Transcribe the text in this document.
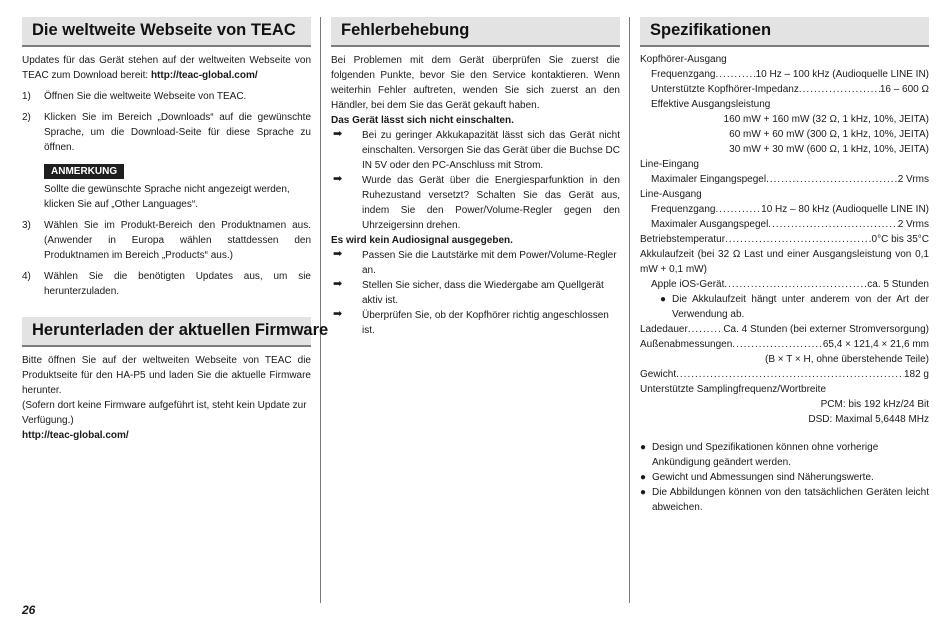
Die weltweite Webseite von TEAC

Updates für das Gerät stehen auf der weltweiten Webseite von TEAC zum Download bereit: http://teac-global.com/

1) Öffnen Sie die weltweite Webseite von TEAC.

2) Klicken Sie im Bereich „Downloads“ auf die gewünschte Sprache, um die Download-Seite für diese Sprache zu öffnen.

ANMERKUNG

Sollte die gewünschte Sprache nicht angezeigt werden, klicken Sie auf „Other Languages“.

3) Wählen Sie im Produkt-Bereich den Produktnamen aus. (Anwender in Europa wählen stattdessen den Produktnamen im Bereich „Products“ aus.)

4) Wählen Sie die benötigten Updates aus, um sie herunterzuladen.

Herunterladen der aktuellen Firmware

Bitte öffnen Sie auf der weltweiten Webseite von TEAC die Produktseite für den HA-P5 und laden Sie die aktuelle Firmware herunter.

(Sofern dort keine Firmware aufgeführt ist, steht kein Update zur Verfügung.)

http://teac-global.com/

Fehlerbehebung

Bei Problemen mit dem Gerät überprüfen Sie zuerst die folgenden Punkte, bevor Sie den Service kontaktieren. Wenn weiterhin Fehler auftreten, wenden Sie sich zuerst an den Händler, bei dem Sie das Gerät gekauft haben.

Das Gerät lässt sich nicht einschalten.

➡ Bei zu geringer Akkukapazität lässt sich das Gerät nicht einschalten. Versorgen Sie das Gerät über die Buchse DC IN 5V oder den PC-Anschluss mit Strom.

➡ Wurde das Gerät über die Energiesparfunktion in den Ruhezustand versetzt? Schalten Sie das Gerät aus, indem Sie den Power/Volume-Regler gegen den Uhrzeigersinn drehen.

Es wird kein Audiosignal ausgegeben.

➡ Passen Sie die Lautstärke mit dem Power/Volume-Regler an.

➡ Stellen Sie sicher, dass die Wiedergabe am Quellgerät aktiv ist.

➡ Überprüfen Sie, ob der Kopfhörer richtig angeschlossen ist.

Spezifikationen

Kopfhörer-Ausgang

Frequenzgang .....	10 Hz – 100 kHz (Audioquelle LINE IN)

Unterstützte Kopfhörer-Impedanz .....	16 – 600 Ω

Effektive Ausgangsleistung

160 mW + 160 mW (32 Ω, 1 kHz, 10%, JEITA)

60 mW + 60 mW (300 Ω, 1 kHz, 10%, JEITA)

30 mW + 30 mW (600 Ω, 1 kHz, 10%, JEITA)

Line-Eingang

Maximaler Eingangspegel .....	2 Vrms

Line-Ausgang

Frequenzgang .....	10 Hz – 80 kHz (Audioquelle LINE IN)

Maximaler Ausgangspegel .....	2 Vrms

Betriebstemperatur .....	0°C bis 35°C

Akkulaufzeit (bei 32 Ω Last und einer Ausgangsleistung von 0,1 mW + 0,1 mW)

Apple iOS-Gerät .....	ca. 5 Stunden

● Die Akkulaufzeit hängt unter anderem von der Art der Verwendung ab.

Ladedauer .....	Ca. 4 Stunden (bei externer Stromversorgung)

Außenabmessungen .....	65,4 × 121,4 × 21,6 mm

(B × T × H, ohne überstehende Teile)

Gewicht .....	182 g

Unterstützte Samplingfrequenz/Wortbreite

PCM: bis 192 kHz/24 Bit

DSD: Maximal 5,6448 MHz

● Design und Spezifikationen können ohne vorherige Ankündigung geändert werden.

● Gewicht und Abmessungen sind Näherungswerte.

● Die Abbildungen können von den tatsächlichen Geräten leicht abweichen.

26
